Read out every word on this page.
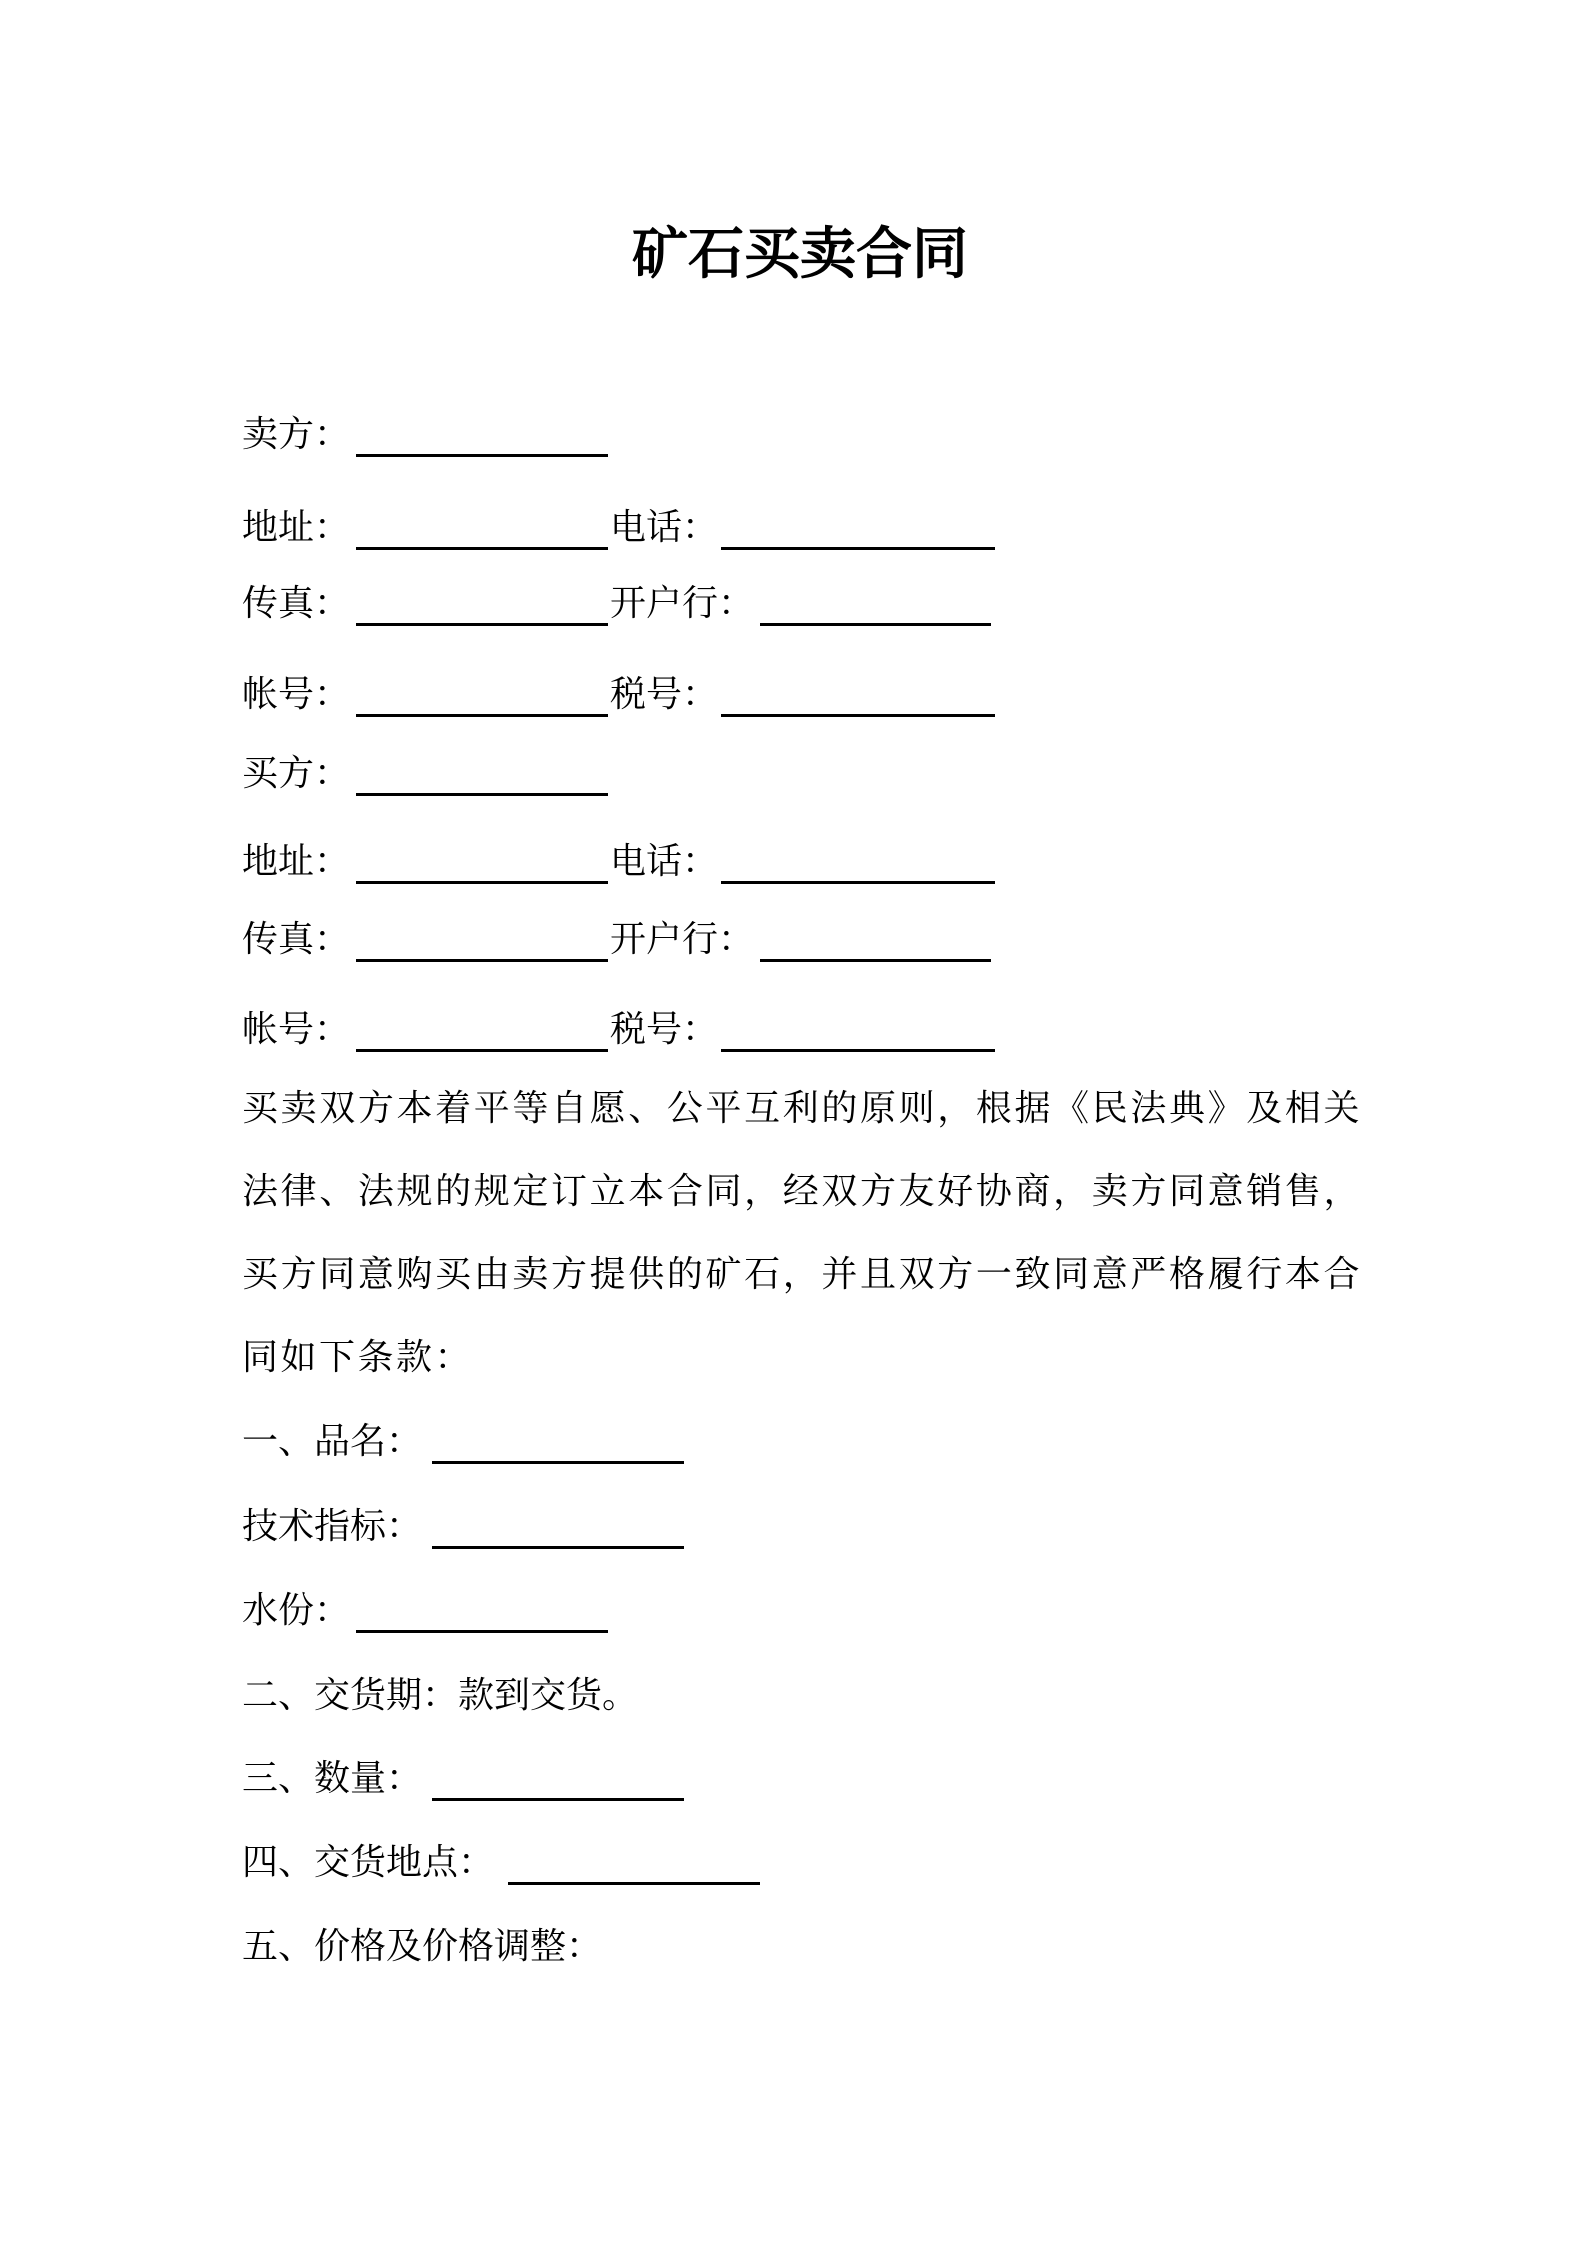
矿石买卖合同
卖方：
地址：	电话：
传真：	开户行：
帐号：	税号：
买方：
地址：	电话：
传真：	开户行：
帐号：	税号：
买卖双方本着平等自愿、公平互利的原则，根据《民法典》及相关法律、法规的规定订立本合同，经双方友好协商，卖方同意销售，买方同意购买由卖方提供的矿石，并且双方一致同意严格履行本合同如下条款：
一、品名：
技术指标：
水份：
二、交货期：款到交货。
三、数量：
四、交货地点：
五、价格及价格调整：
